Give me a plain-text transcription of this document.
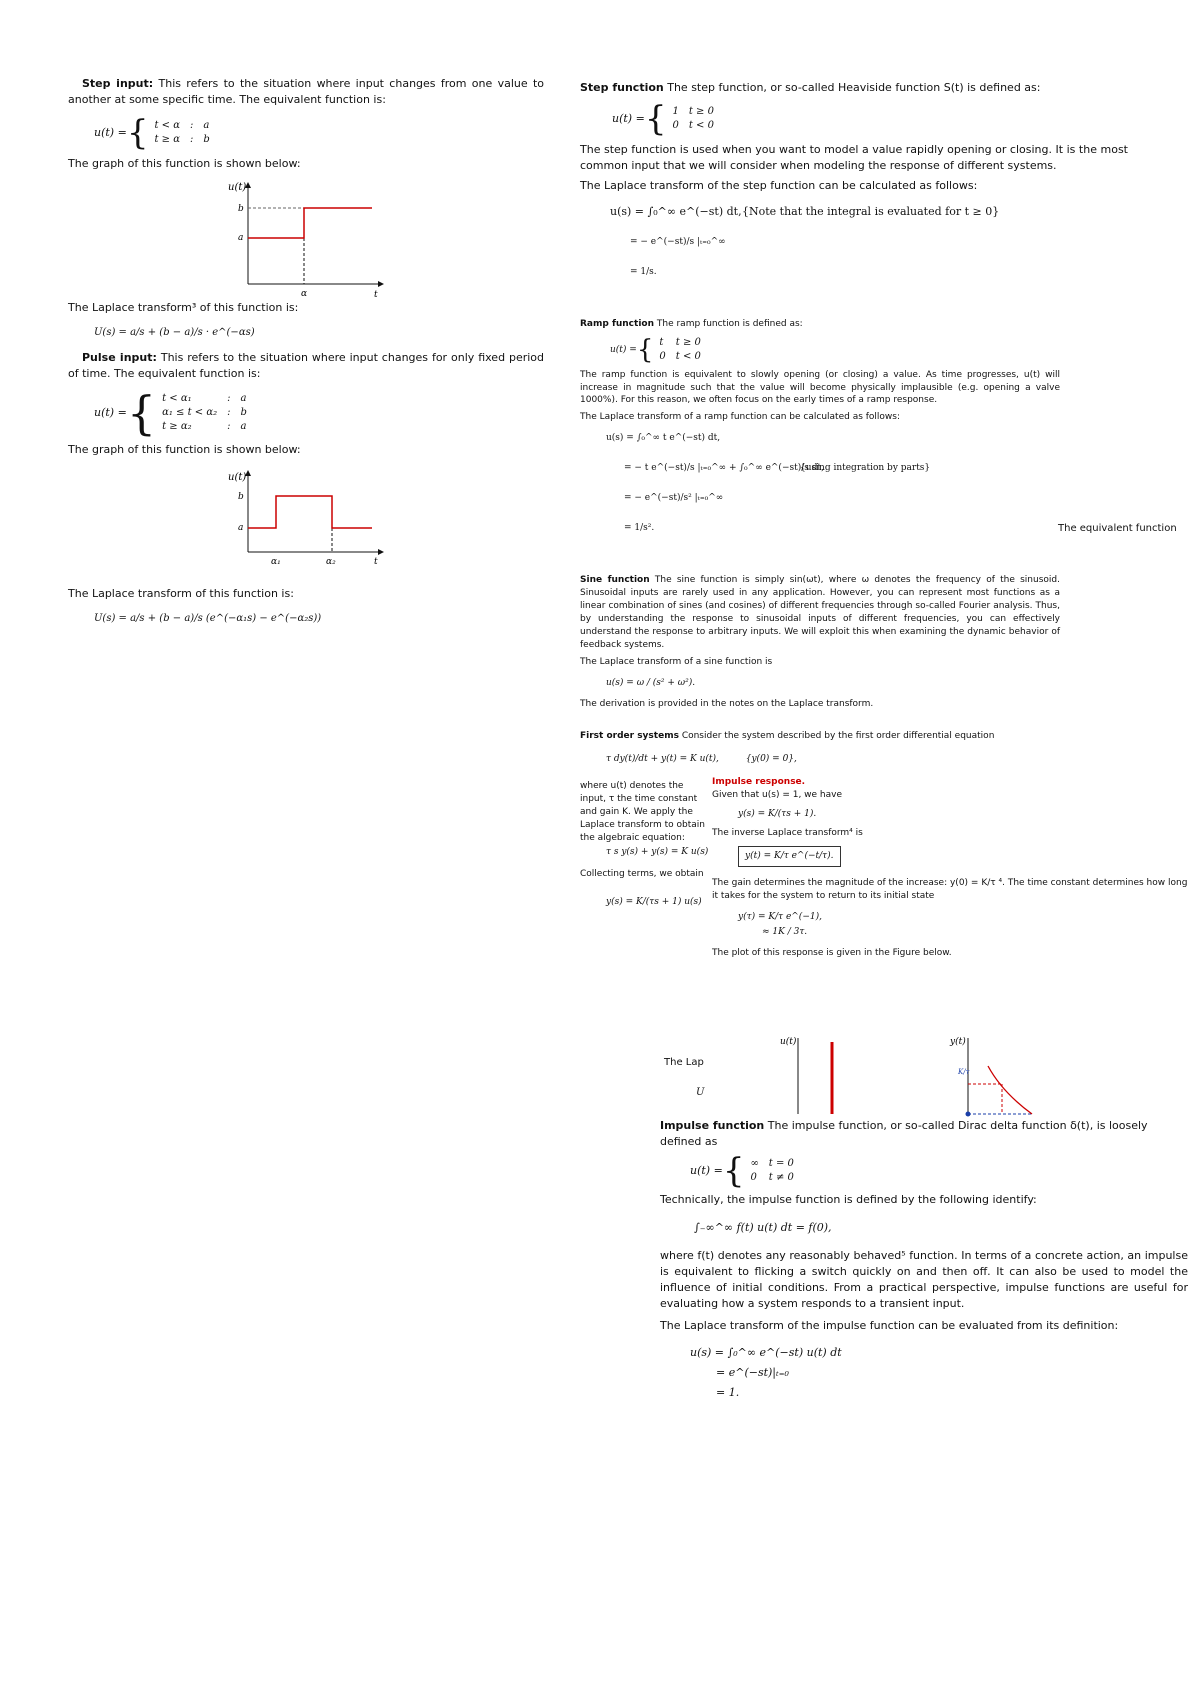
Step input: This refers to the situation where input changes from one value to another at some specific time. The equivalent function is:

u(t) = { t < α	:	a
t ≥ α	:	b

The graph of this function is shown below:

u(t)
t
b
a
α

The Laplace transform³ of this function is:

U(s) = a/s + (b − a)/s · e^(−αs)

Pulse input: This refers to the situation where input changes for only fixed period of time. The equivalent function is:

u(t) = { t < α₁	:	a
α₁ ≤ t < α₂	:	b
t ≥ α₂	:	a

The graph of this function is shown below:

u(t)
t
b
a
α₁	α₂

The Laplace transform of this function is:

U(s) = a/s + (b − a)/s (e^(−α₁s) − e^(−α₂s))

Step function The step function, or so-called Heaviside function S(t) is defined as:

u(t) = { 1	t ≥ 0
0	t < 0

The step function is used when you want to model a value rapidly opening or closing. It is the most common input that we will consider when modeling the response of different systems.

The Laplace transform of the step function can be calculated as follows:

u(s) = ∫₀^∞ e^(−st) dt, {Note that the integral is evaluated for t ≥ 0}
= − e^(−st)/s |ₜ₌₀^∞
= 1/s.

Ramp function The ramp function is defined as:

u(t) = { t	t ≥ 0
0	t < 0

The ramp function is equivalent to slowly opening (or closing) a value. As time progresses, u(t) will increase in magnitude such that the value will become physically implausible (e.g. opening a valve 1000%). For this reason, we often focus on the early times of a ramp response.

The Laplace transform of a ramp function can be calculated as follows:

u(s) = ∫₀^∞ t e^(−st) dt,
= − t e^(−st)/s |ₜ₌₀^∞ + ∫₀^∞ e^(−st)/s dt,
{using integration by parts}
= − e^(−st)/s² |ₜ₌₀^∞
= 1/s².	The equivalent function

Sine function The sine function is simply sin(ωt), where ω denotes the frequency of the sinusoid. Sinusoidal inputs are rarely used in any application. However, you can represent most functions as a linear combination of sines (and cosines) of different frequencies through so-called Fourier analysis. Thus, by understanding the response to sinusoidal inputs of different frequencies, you can effectively understand the response to arbitrary inputs. We will exploit this when examining the dynamic behavior of feedback systems.

The Laplace transform of a sine function is

u(s) = ω / (s² + ω²).

The derivation is provided in the notes on the Laplace transform.

First order systems Consider the system described by the first order differential equation

τ dy(t)/dt + y(t) = K u(t),	{y(0) = 0},

where u(t) denotes the input, τ the time constant and gain K. We apply the Laplace transform to obtain the algebraic equation:

τ s y(s) + y(s) = K u(s)
Collecting terms, we obtain
y(s) = K/(τs + 1) u(s)

Impulse response.

Given that u(s) = 1, we have

y(s) = K/(τs + 1).

The inverse Laplace transform⁴ is

y(t) = K/τ e^(−t/τ).

The gain determines the magnitude of the increase: y(0) = K/τ ⁴. The time constant determines how long it takes for the system to return to its initial state

y(τ) = K/τ e^(−1),

≈ 1K / 3τ.

The plot of this response is given in the Figure below.

u(t)	y(t)
K/τ
The Lap
U

Impulse function The impulse function, or so-called Dirac delta function δ(t), is loosely defined as

u(t) = { ∞	t = 0
0	t ≠ 0

Technically, the impulse function is defined by the following identify:

∫₋∞^∞ f(t) u(t) dt = f(0),

where f(t) denotes any reasonably behaved⁵ function. In terms of a concrete action, an impulse is equivalent to flicking a switch quickly on and then off. It can also be used to model the influence of initial conditions. From a practical perspective, impulse functions are useful for evaluating how a system responds to a transient input.

The Laplace transform of the impulse function can be evaluated from its definition:

u(s) = ∫₀^∞ e^(−st) u(t) dt

= e^(−st)|ₜ₌₀

= 1.
